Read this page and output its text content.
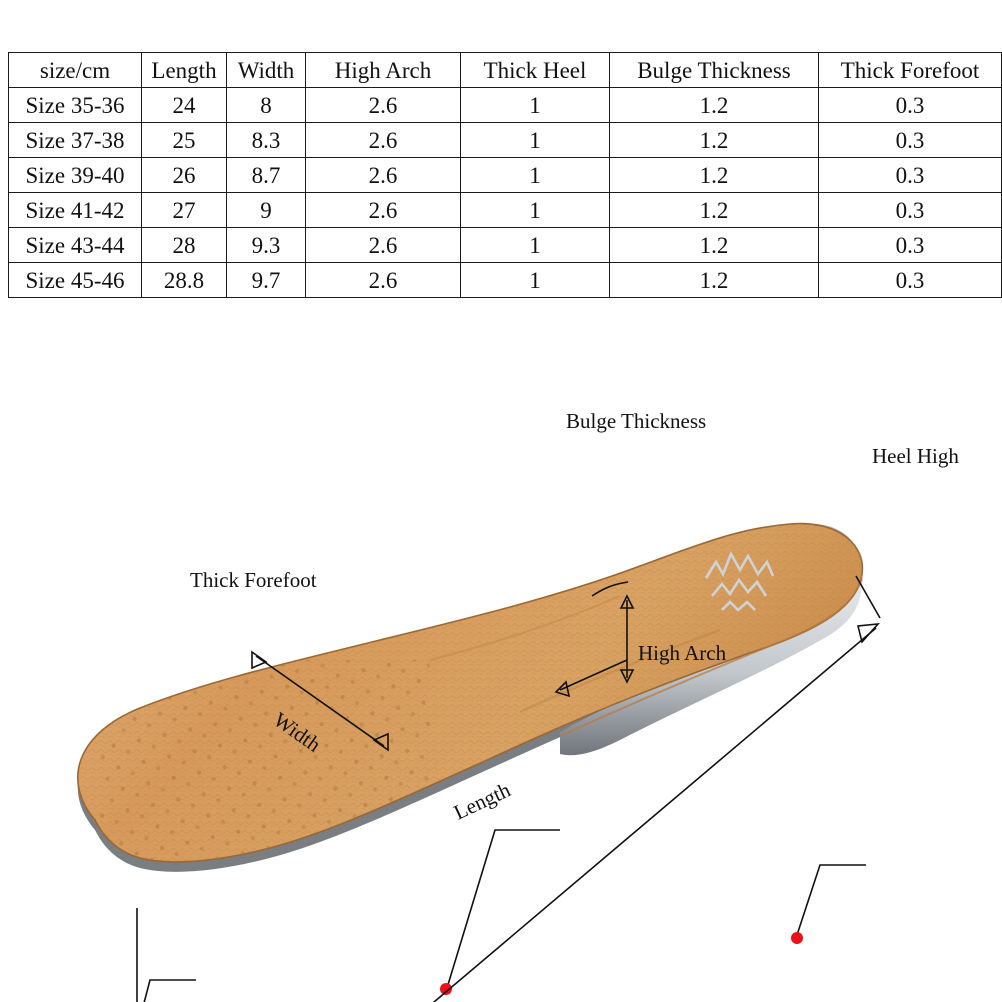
size/cm	Length	Width	High Arch	Thick Heel	Bulge Thickness	Thick Forefoot
Size 35-36	24	8	2.6	1	1.2	0.3
Size 37-38	25	8.3	2.6	1	1.2	0.3
Size 39-40	26	8.7	2.6	1	1.2	0.3
Size 41-42	27	9	2.6	1	1.2	0.3
Size 43-44	28	9.3	2.6	1	1.2	0.3
Size 45-46	28.8	9.7	2.6	1	1.2	0.3
Bulge Thickness
Heel High
Thick Forefoot
High Arch
Width
Length
